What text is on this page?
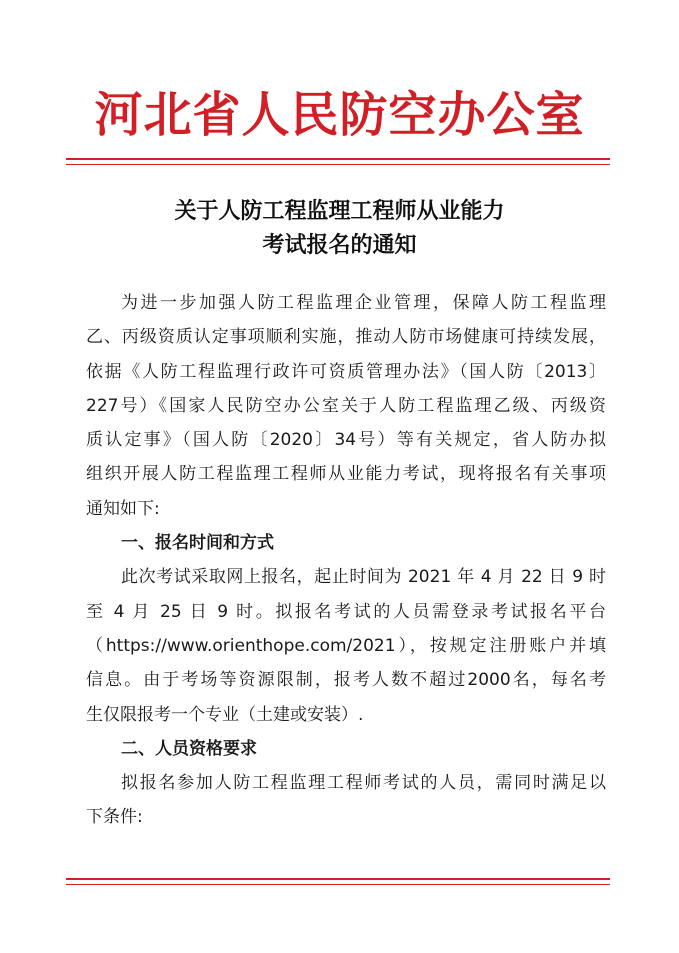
河北省人民防空办公室
关于人防工程监理工程师从业能力
考试报名的通知
为进一步加强人防工程监理企业管理，保障人防工程监理
乙、丙级资质认定事项顺利实施，推动人防市场健康可持续发展，
依据《人防工程监理行政许可资质管理办法》（国人防〔2013〕
227号）《国家人民防空办公室关于人防工程监理乙级、丙级资
质认定事》（国人防〔2020〕34号）等有关规定，省人防办拟
组织开展人防工程监理工程师从业能力考试，现将报名有关事项
通知如下:
一、报名时间和方式
此次考试采取网上报名，起止时间为 2021 年 4 月 22 日 9 时
至 4 月 25 日 9 时。拟报名考试的人员需登录考试报名平台
（https://www.orienthope.com/2021），按规定注册账户并填
信息。由于考场等资源限制，报考人数不超过2000名，每名考
生仅限报考一个专业（土建或安装）.
二、人员资格要求
拟报名参加人防工程监理工程师考试的人员，需同时满足以
下条件:
